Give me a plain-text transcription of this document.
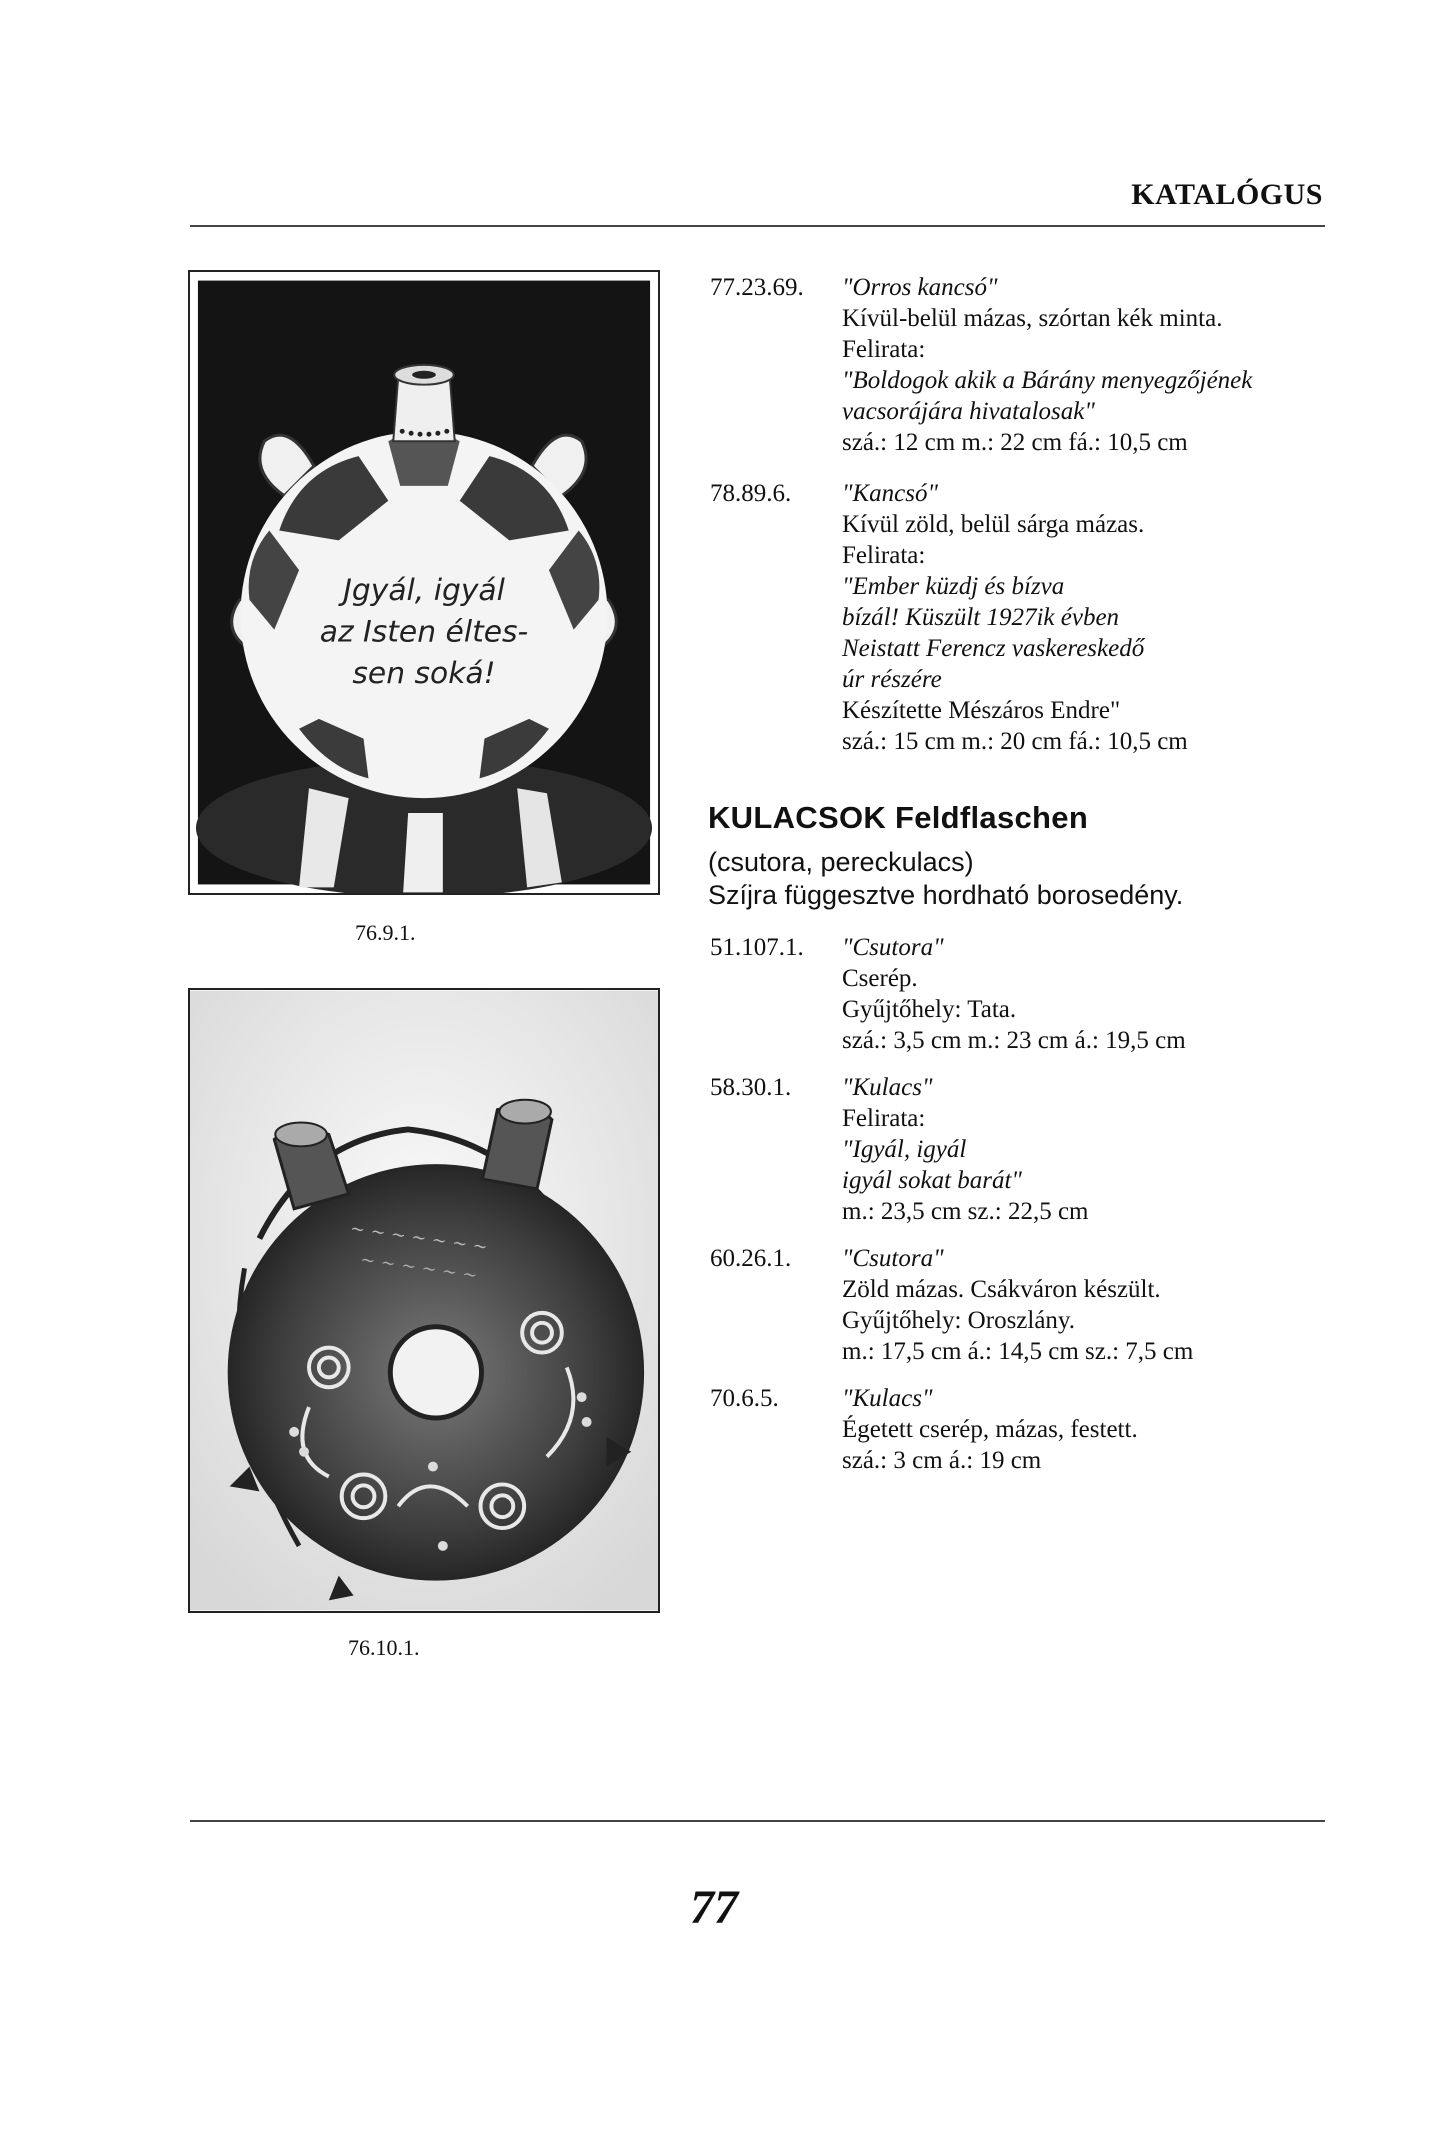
KATALÓGUS
Jgyál, igyál
az Isten éltes-
sen soká!
76.9.1.
~ ~ ~ ~ ~ ~ ~
~ ~ ~ ~ ~ ~
76.10.1.
77.23.69. "Orros kancsó"
Kívül-belül mázas, szórtan kék minta.
Felirata:
"Boldogok akik a Bárány menyegzőjének
vacsorájára hivatalosak"
szá.: 12 cm m.: 22 cm fá.: 10,5 cm
78.89.6. "Kancsó"
Kívül zöld, belül sárga mázas.
Felirata:
"Ember küzdj és bízva
bízál! Küszült 1927ik évben
Neistatt Ferencz vaskereskedő
úr részére
Készítette Mészáros Endre"
szá.: 15 cm m.: 20 cm fá.: 10,5 cm
KULACSOK Feldflaschen
(csutora, pereckulacs)
Szíjra függesztve hordható borosedény.
51.107.1. "Csutora"
Cserép.
Gyűjtőhely: Tata.
szá.: 3,5 cm m.: 23 cm á.: 19,5 cm
58.30.1. "Kulacs"
Felirata:
"Igyál, igyál
igyál sokat barát"
m.: 23,5 cm sz.: 22,5 cm
60.26.1. "Csutora"
Zöld mázas. Csákváron készült.
Gyűjtőhely: Oroszlány.
m.: 17,5 cm á.: 14,5 cm sz.: 7,5 cm
70.6.5.	"Kulacs"
Égetett cserép, mázas, festett.
szá.: 3 cm á.: 19 cm
77
